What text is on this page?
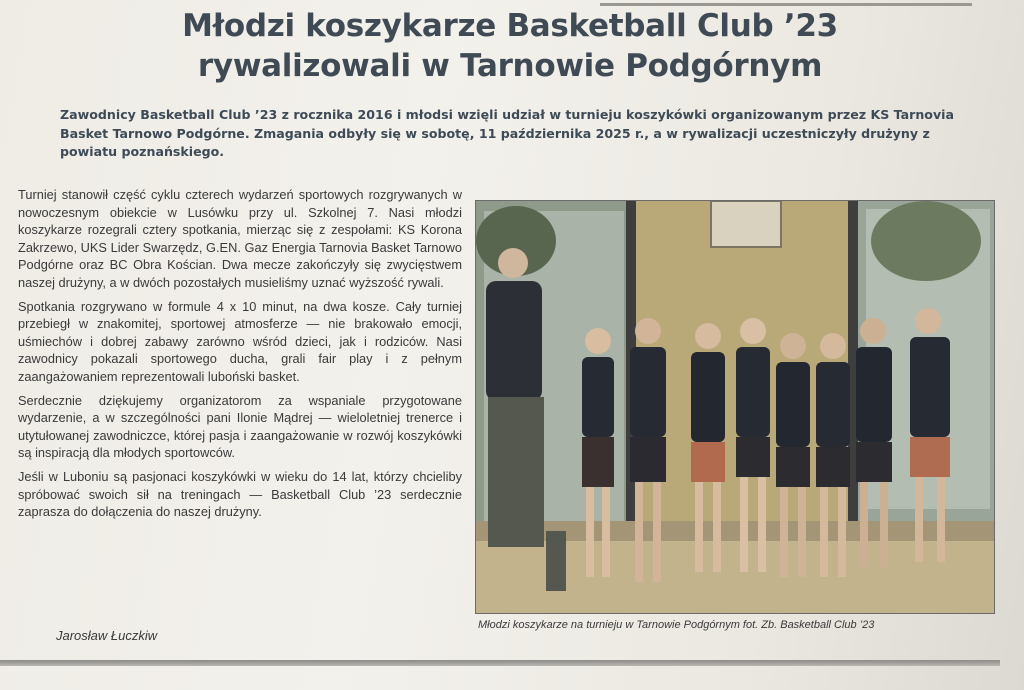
Młodzi koszykarze Basketball Club ’23 rywalizowali w Tarnowie Podgórnym
Zawodnicy Basketball Club ’23 z rocznika 2016 i młodsi wzięli udział w turnieju koszykówki organizowanym przez KS Tarnovia Basket Tarnowo Podgórne. Zmagania odbyły się w sobotę, 11 października 2025 r., a w rywalizacji uczestniczyły drużyny z powiatu poznańskiego.

Turniej stanowił część cyklu czterech wydarzeń sportowych rozgrywanych w nowoczesnym obiekcie w Lusówku przy ul. Szkolnej 7. Nasi młodzi koszykarze rozegrali cztery spotkania, mierząc się z zespołami: KS Korona Zakrzewo, UKS Lider Swarzędz, G.EN. Gaz Energia Tarnovia Basket Tarnowo Podgórne oraz BC Obra Kościan. Dwa mecze zakończyły się zwycięstwem naszej drużyny, a w dwóch pozostałych musieliśmy uznać wyższość rywali.

Spotkania rozgrywano w formule 4 x 10 minut, na dwa kosze. Cały turniej przebiegł w znakomitej, sportowej atmosferze — nie brakowało emocji, uśmiechów i dobrej zabawy zarówno wśród dzieci, jak i rodziców. Nasi zawodnicy pokazali sportowego ducha, grali fair play i z pełnym zaangażowaniem reprezentowali luboński basket.

Serdecznie dziękujemy organizatorom za wspaniale przygotowane wydarzenie, a w szczególności pani Ilonie Mądrej — wieloletniej trenerce i utytułowanej zawodniczce, której pasja i zaangażowanie w rozwój koszykówki są inspiracją dla młodych sportowców.

Jeśli w Luboniu są pasjonaci koszykówki w wieku do 14 lat, którzy chcieliby spróbować swoich sił na treningach — Basketball Club ’23 serdecznie zaprasza do dołączenia do naszej drużyny.

Jarosław Łuczkiw
Młodzi koszykarze na turnieju w Tarnowie Podgórnym fot. Zb. Basketball Club ’23
